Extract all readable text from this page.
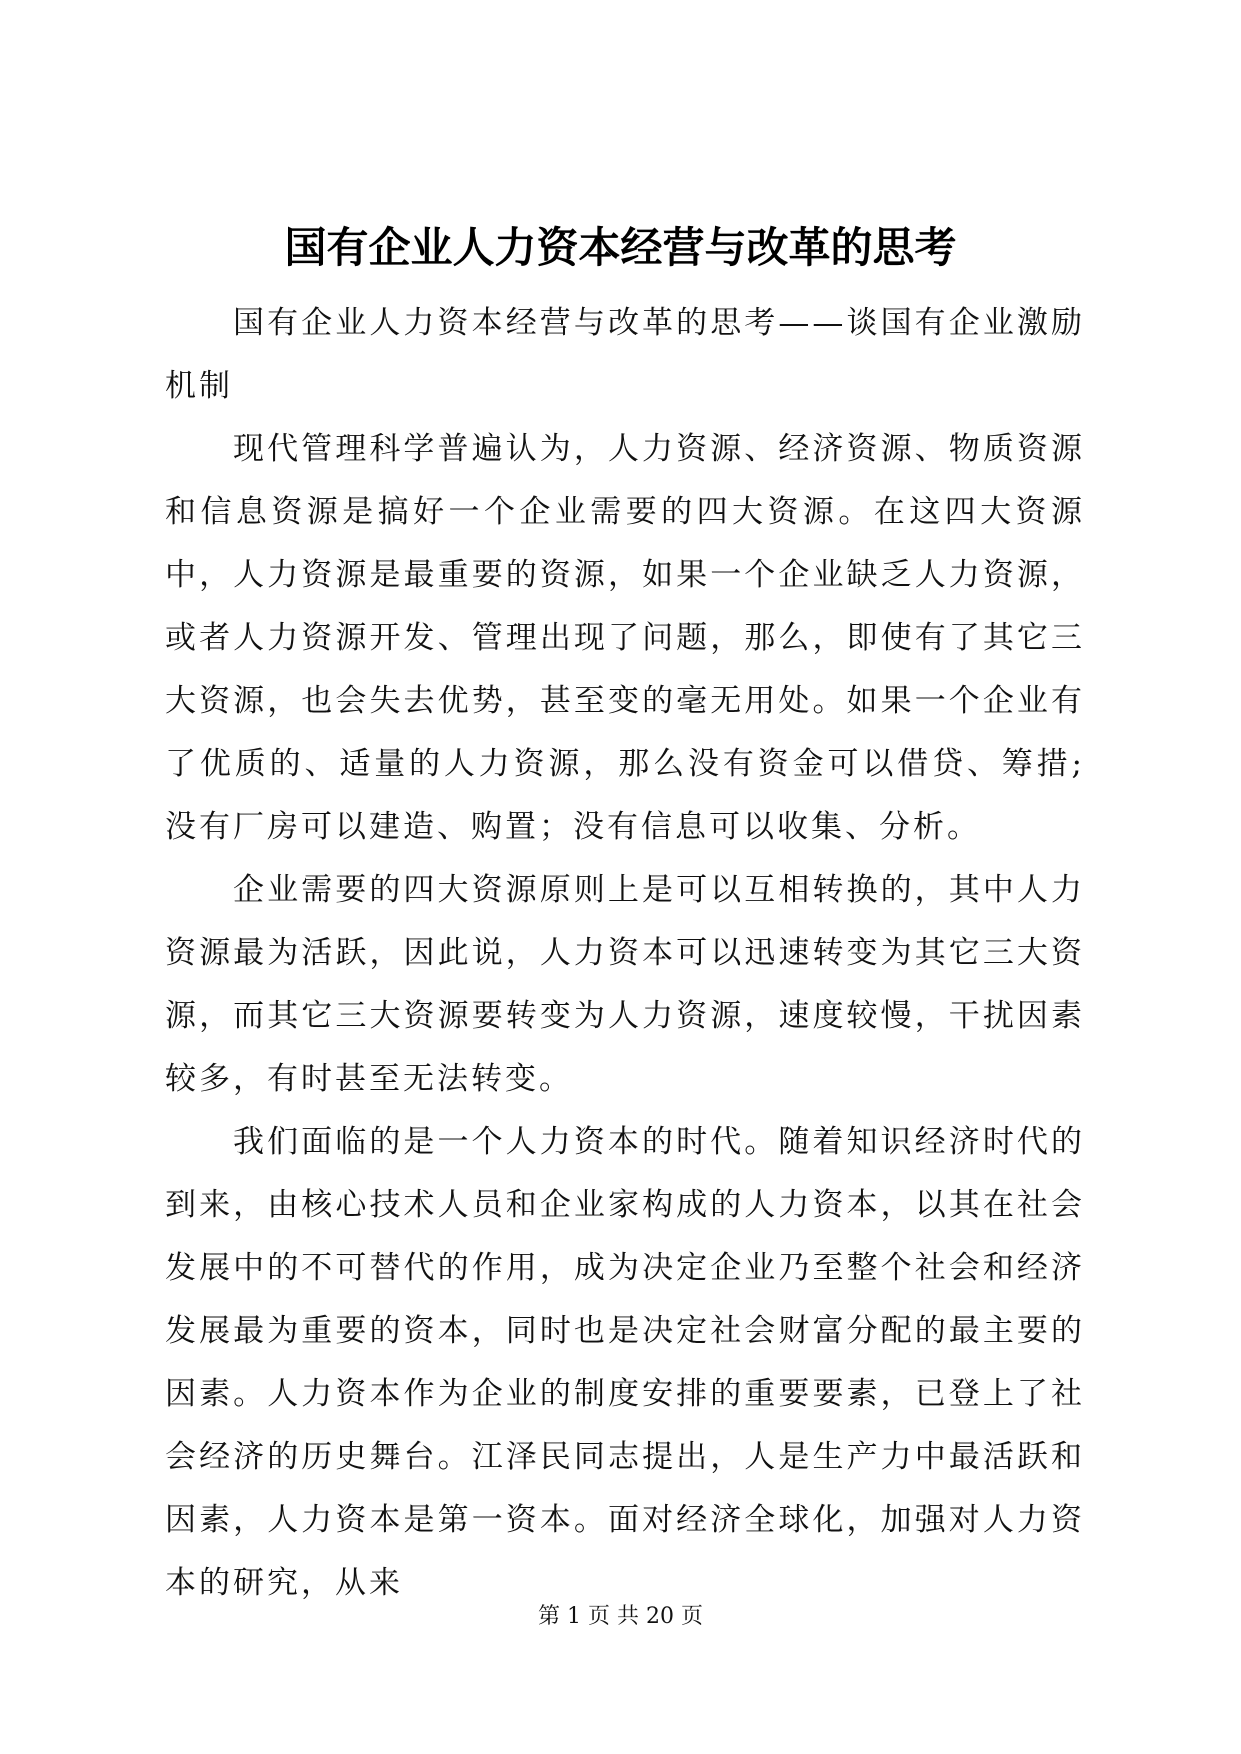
国有企业人力资本经营与改革的思考

国有企业人力资本经营与改革的思考——谈国有企业激励机制

现代管理科学普遍认为，人力资源、经济资源、物质资源和信息资源是搞好一个企业需要的四大资源。在这四大资源中，人力资源是最重要的资源，如果一个企业缺乏人力资源，或者人力资源开发、管理出现了问题，那么，即使有了其它三大资源，也会失去优势，甚至变的毫无用处。如果一个企业有了优质的、适量的人力资源，那么没有资金可以借贷、筹措;没有厂房可以建造、购置；没有信息可以收集、分析。

企业需要的四大资源原则上是可以互相转换的，其中人力资源最为活跃，因此说，人力资本可以迅速转变为其它三大资源，而其它三大资源要转变为人力资源，速度较慢，干扰因素较多，有时甚至无法转变。

我们面临的是一个人力资本的时代。随着知识经济时代的到来，由核心技术人员和企业家构成的人力资本，以其在社会发展中的不可替代的作用，成为决定企业乃至整个社会和经济发展最为重要的资本，同时也是决定社会财富分配的最主要的因素。人力资本作为企业的制度安排的重要要素，已登上了社会经济的历史舞台。江泽民同志提出，人是生产力中最活跃和因素，人力资本是第一资本。面对经济全球化，加强对人力资本的研究，从来

第 1 页 共 20 页
